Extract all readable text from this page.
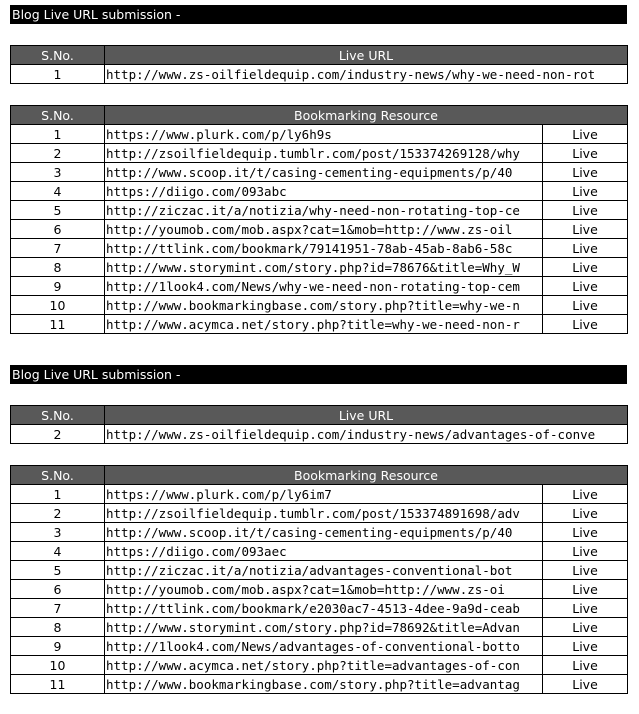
Blog Live URL submission -
S.No.	Live URL
1	http://www.zs-oilfieldequip.com/industry-news/why-we-need-non-rot
S.No.	Bookmarking Resource	
1	https://www.plurk.com/p/ly6h9s	Live
2	http://zsoilfieldequip.tumblr.com/post/153374269128/why	Live
3	http://www.scoop.it/t/casing-cementing-equipments/p/40	Live
4	https://diigo.com/093abc	Live
5	http://ziczac.it/a/notizia/why-need-non-rotating-top-ce	Live
6	http://youmob.com/mob.aspx?cat=1&mob=http://www.zs-oil	Live
7	http://ttlink.com/bookmark/79141951-78ab-45ab-8ab6-58c	Live
8	http://www.storymint.com/story.php?id=78676&title=Why_W	Live
9	http://1look4.com/News/why-we-need-non-rotating-top-cem	Live
10	http://www.bookmarkingbase.com/story.php?title=why-we-n	Live
11	http://www.acymca.net/story.php?title=why-we-need-non-r	Live
Blog Live URL submission -
S.No.	Live URL
2	http://www.zs-oilfieldequip.com/industry-news/advantages-of-conve
S.No.	Bookmarking Resource	
1	https://www.plurk.com/p/ly6im7	Live
2	http://zsoilfieldequip.tumblr.com/post/153374891698/adv	Live
3	http://www.scoop.it/t/casing-cementing-equipments/p/40	Live
4	https://diigo.com/093aec	Live
5	http://ziczac.it/a/notizia/advantages-conventional-bot	Live
6	http://youmob.com/mob.aspx?cat=1&mob=http://www.zs-oi	Live
7	http://ttlink.com/bookmark/e2030ac7-4513-4dee-9a9d-ceab	Live
8	http://www.storymint.com/story.php?id=78692&title=Advan	Live
9	http://1look4.com/News/advantages-of-conventional-botto	Live
10	http://www.acymca.net/story.php?title=advantages-of-con	Live
11	http://www.bookmarkingbase.com/story.php?title=advantag	Live
